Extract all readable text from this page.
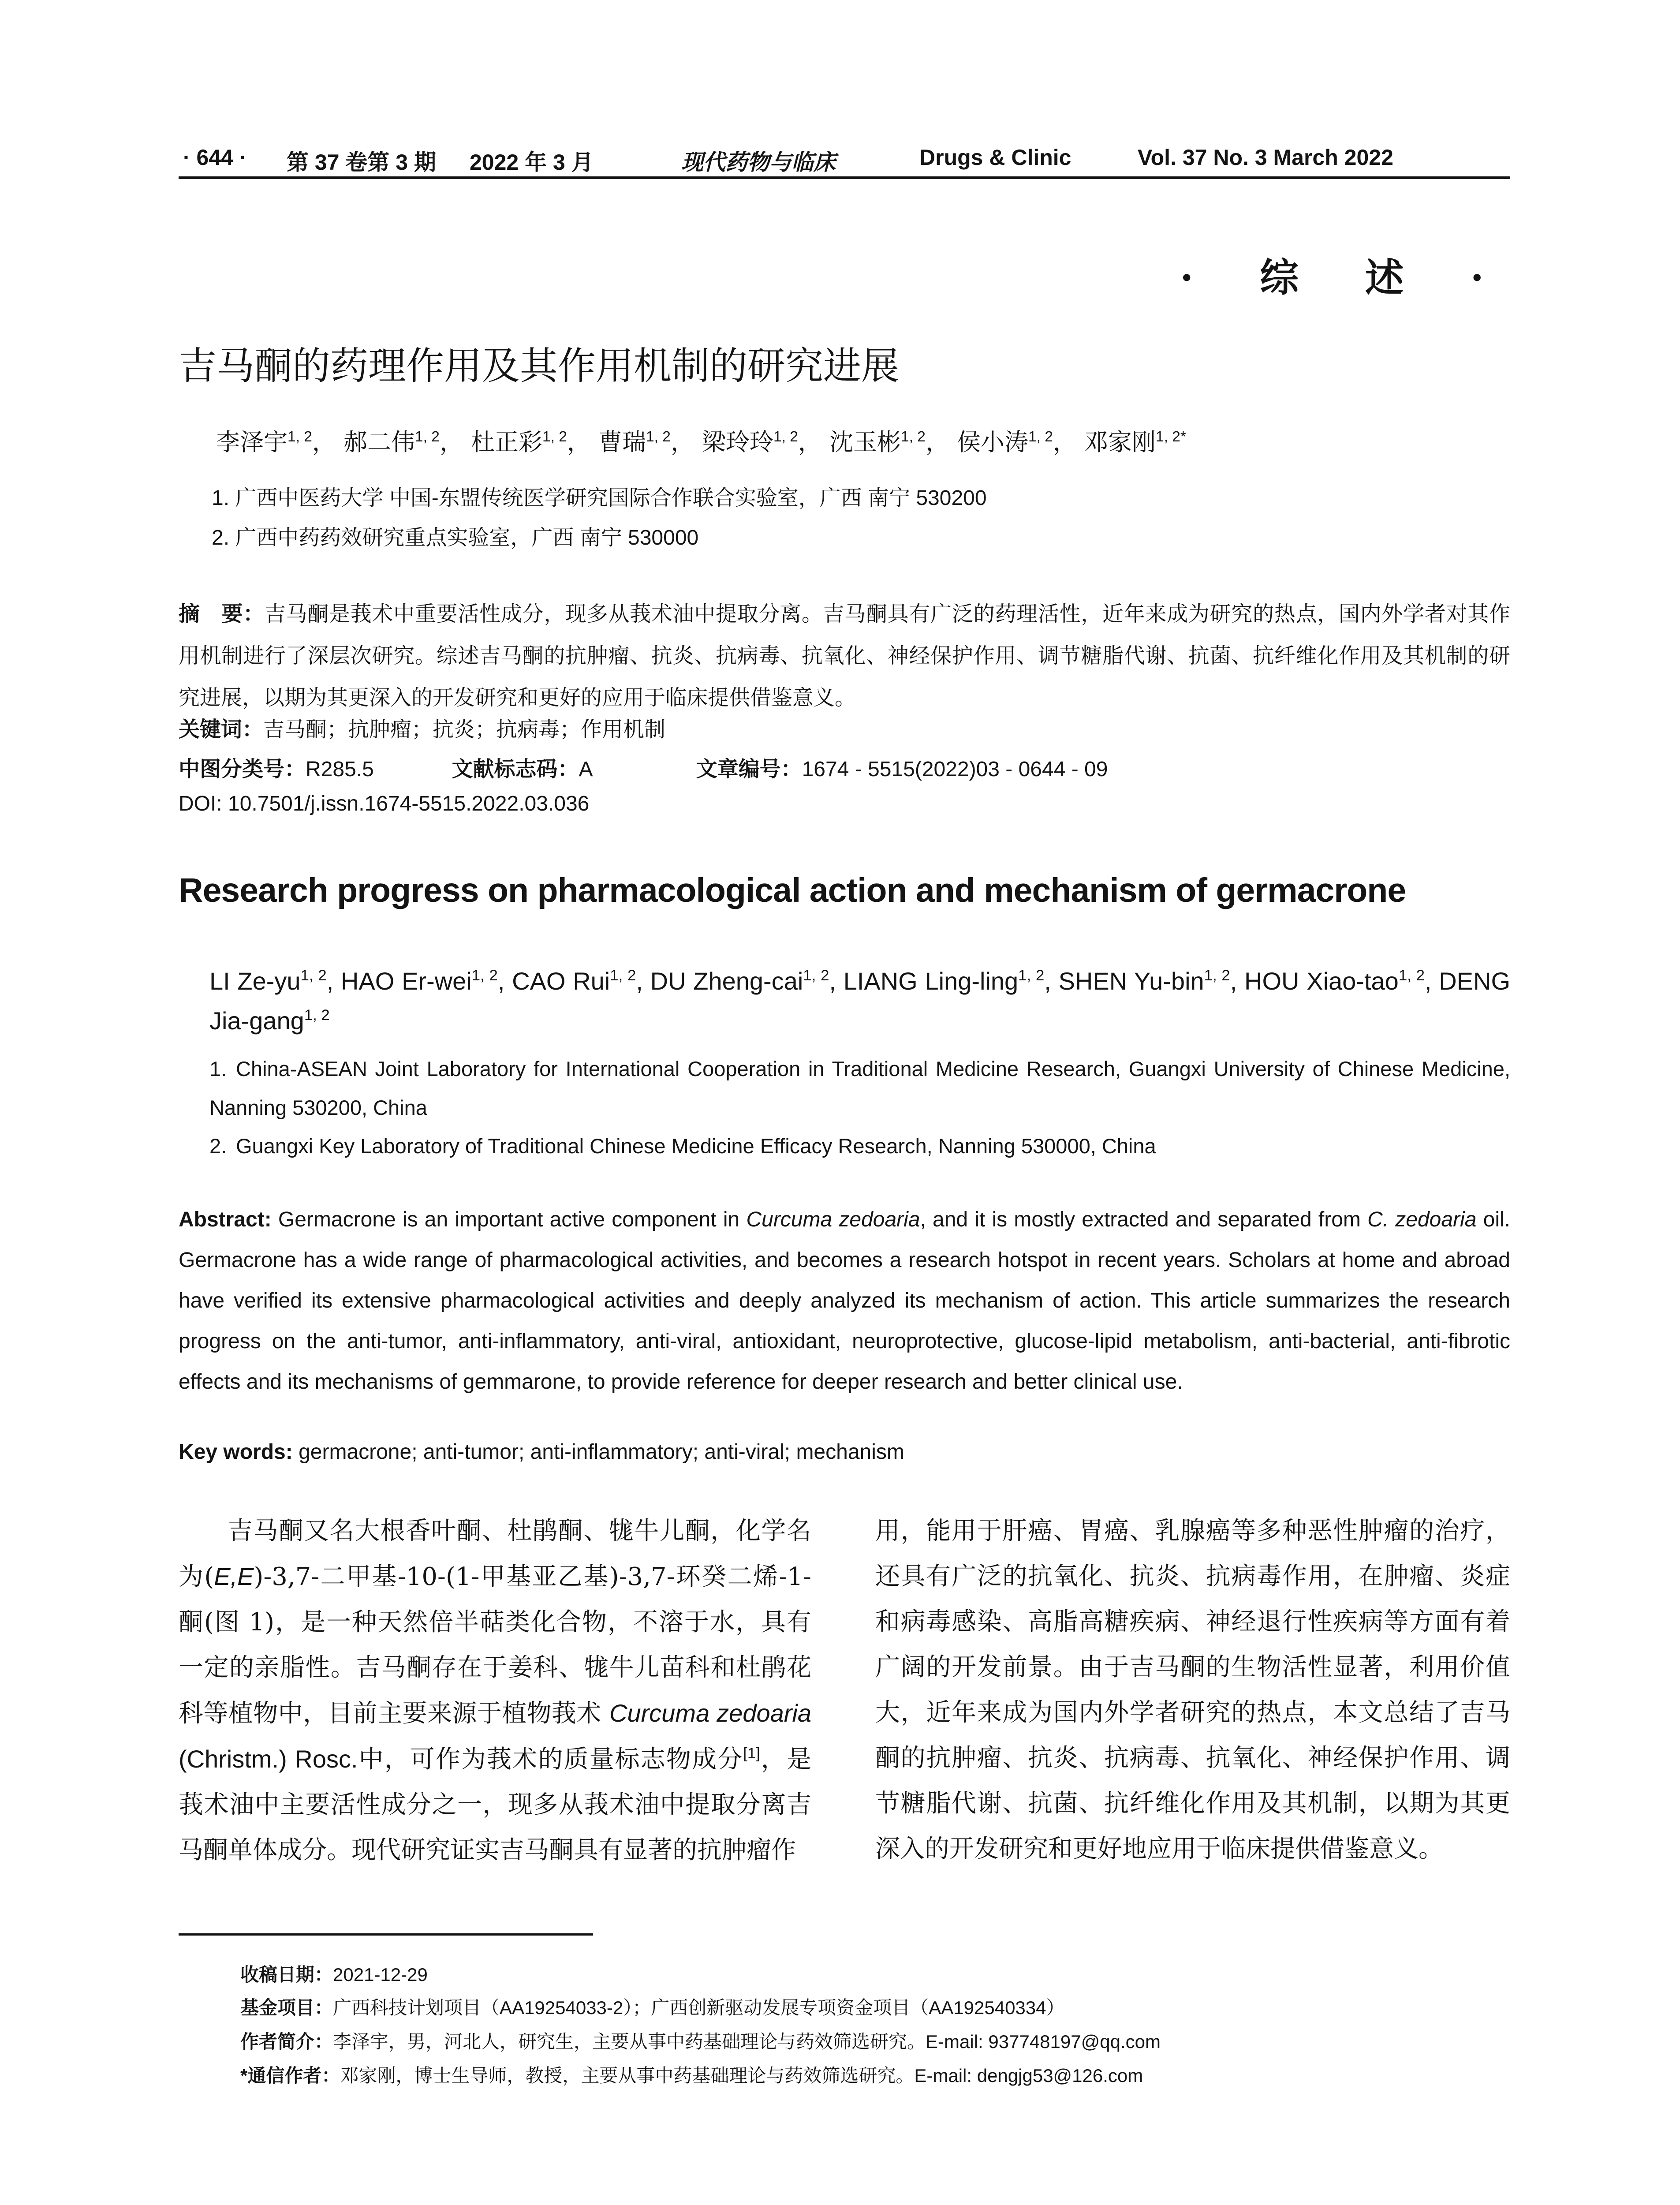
· 644 · 第 37 卷第 3 期 2022 年 3 月	现代药物与临床	Drugs & Clinic	Vol. 37 No. 3 March 2022
· 综 述 ·
吉马酮的药理作用及其作用机制的研究进展
李泽宇$^{1, 2}$， 郝二伟$^{1, 2}$， 杜正彩$^{1, 2}$， 曹瑞$^{1, 2}$， 梁玲玲$^{1, 2}$， 沈玉彬$^{1, 2}$， 侯小涛$^{1, 2}$， 邓家刚$^{1, 2*}$
1. 广西中医药大学 中国-东盟传统医学研究国际合作联合实验室，广西 南宁 530200
2. 广西中药药效研究重点实验室，广西 南宁 530000
摘　要：吉马酮是莪术中重要活性成分，现多从莪术油中提取分离。吉马酮具有广泛的药理活性，近年来成为研究的热点，国内外学者对其作用机制进行了深层次研究。综述吉马酮的抗肿瘤、抗炎、抗病毒、抗氧化、神经保护作用、调节糖脂代谢、抗菌、抗纤维化作用及其机制的研究进展，以期为其更深入的开发研究和更好的应用于临床提供借鉴意义。
关键词：吉马酮；抗肿瘤；抗炎；抗病毒；作用机制
中图分类号：R285.5	文献标志码：A	文章编号：1674 - 5515(2022)03 - 0644 - 09
DOI: 10.7501/j.issn.1674-5515.2022.03.036
Research progress on pharmacological action and mechanism of germacrone
LI Ze-yu$^{1, 2}$, HAO Er-wei$^{1, 2}$, CAO Rui$^{1, 2}$, DU Zheng-cai$^{1, 2}$, LIANG Ling-ling$^{1, 2}$, SHEN Yu-bin$^{1, 2}$, HOU Xiao-tao$^{1, 2}$, DENG Jia-gang$^{1, 2}$
1. China-ASEAN Joint Laboratory for International Cooperation in Traditional Medicine Research, Guangxi University of Chinese Medicine, Nanning 530200, China
2. Guangxi Key Laboratory of Traditional Chinese Medicine Efficacy Research, Nanning 530000, China
Abstract: Germacrone is an important active component in Curcuma zedoaria, and it is mostly extracted and separated from C. zedoaria oil. Germacrone has a wide range of pharmacological activities, and becomes a research hotspot in recent years. Scholars at home and abroad have verified its extensive pharmacological activities and deeply analyzed its mechanism of action. This article summarizes the research progress on the anti-tumor, anti-inflammatory, anti-viral, antioxidant, neuroprotective, glucose-lipid metabolism, anti-bacterial, anti-fibrotic effects and its mechanisms of gemmarone, to provide reference for deeper research and better clinical use.
Key words: germacrone; anti-tumor; anti-inflammatory; anti-viral; mechanism

吉马酮又名大根香叶酮、杜鹃酮、牻牛儿酮，化学名为(E,E)-3,7-二甲基-10-(1-甲基亚乙基)-3,7-环癸二烯-1-酮(图 1)，是一种天然倍半萜类化合物，不溶于水，具有一定的亲脂性。吉马酮存在于姜科、牻牛儿苗科和杜鹃花科等植物中，目前主要来源于植物莪术 Curcuma zedoaria (Christm.) Rosc.中，可作为莪术的质量标志物成分[1]，是莪术油中主要活性成分之一，现多从莪术油中提取分离吉马酮单体成分。现代研究证实吉马酮具有显著的抗肿瘤作

用，能用于肝癌、胃癌、乳腺癌等多种恶性肿瘤的治疗，还具有广泛的抗氧化、抗炎、抗病毒作用，在肿瘤、炎症和病毒感染、高脂高糖疾病、神经退行性疾病等方面有着广阔的开发前景。由于吉马酮的生物活性显著，利用价值大，近年来成为国内外学者研究的热点，本文总结了吉马酮的抗肿瘤、抗炎、抗病毒、抗氧化、神经保护作用、调节糖脂代谢、抗菌、抗纤维化作用及其机制，以期为其更深入的开发研究和更好地应用于临床提供借鉴意义。

收稿日期：2021-12-29
基金项目：广西科技计划项目（AA19254033-2）；广西创新驱动发展专项资金项目（AA192540334）
作者简介：李泽宇，男，河北人，研究生，主要从事中药基础理论与药效筛选研究。E-mail: 937748197@qq.com
*通信作者：邓家刚，博士生导师，教授，主要从事中药基础理论与药效筛选研究。E-mail: dengjg53@126.com
